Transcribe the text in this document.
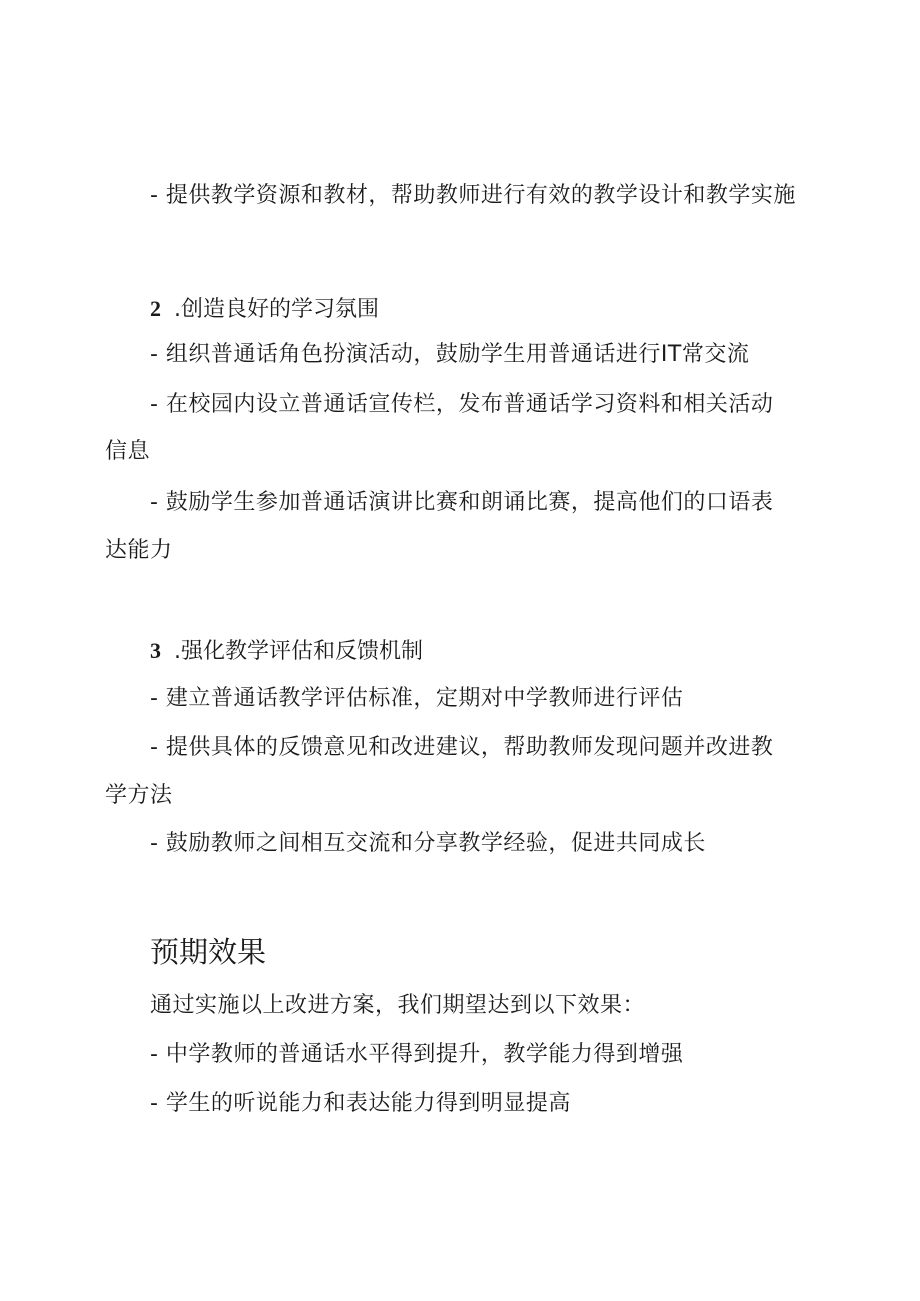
- 提供教学资源和教材，帮助教师进行有效的教学设计和教学实施

2 .创造良好的学习氛围

- 组织普通话角色扮演活动，鼓励学生用普通话进行IT常交流

- 在校园内设立普通话宣传栏，发布普通话学习资料和相关活动

信息

- 鼓励学生参加普通话演讲比赛和朗诵比赛，提高他们的口语表

达能力

3 .强化教学评估和反馈机制

- 建立普通话教学评估标准，定期对中学教师进行评估

- 提供具体的反馈意见和改进建议，帮助教师发现问题并改进教

学方法

- 鼓励教师之间相互交流和分享教学经验，促进共同成长

预期效果

通过实施以上改进方案，我们期望达到以下效果：

- 中学教师的普通话水平得到提升，教学能力得到增强

- 学生的听说能力和表达能力得到明显提高
